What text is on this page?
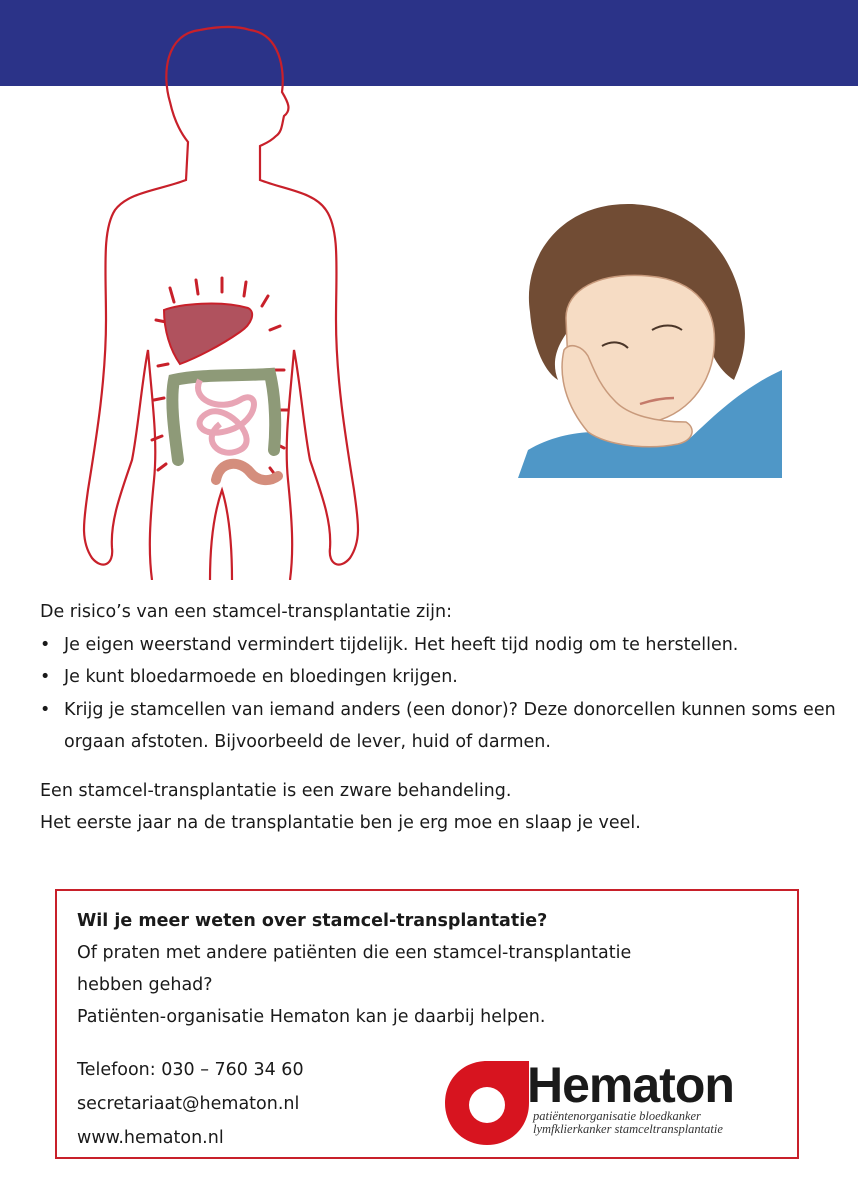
De risico’s van een stamcel-transplantatie zijn:

• Je eigen weerstand vermindert tijdelijk. Het heeft tijd nodig om te herstellen.
• Je kunt bloedarmoede en bloedingen krijgen.
• Krijg je stamcellen van iemand anders (een donor)? Deze donorcellen kunnen soms een orgaan afstoten. Bijvoorbeeld de lever, huid of darmen.

Een stamcel-transplantatie is een zware behandeling.

Het eerste jaar na de transplantatie ben je erg moe en slaap je veel.

Wil je meer weten over stamcel-transplantatie?

Of praten met andere patiënten die een stamcel-transplantatie

hebben gehad?

Patiënten-organisatie Hematon kan je daarbij helpen.

Telefoon: 030 – 760 34 60
secretariaat@hematon.nl
www.hematon.nl
Hematon
patiëntenorganisatie bloedkanker
lymfklierkanker stamceltransplantatie
